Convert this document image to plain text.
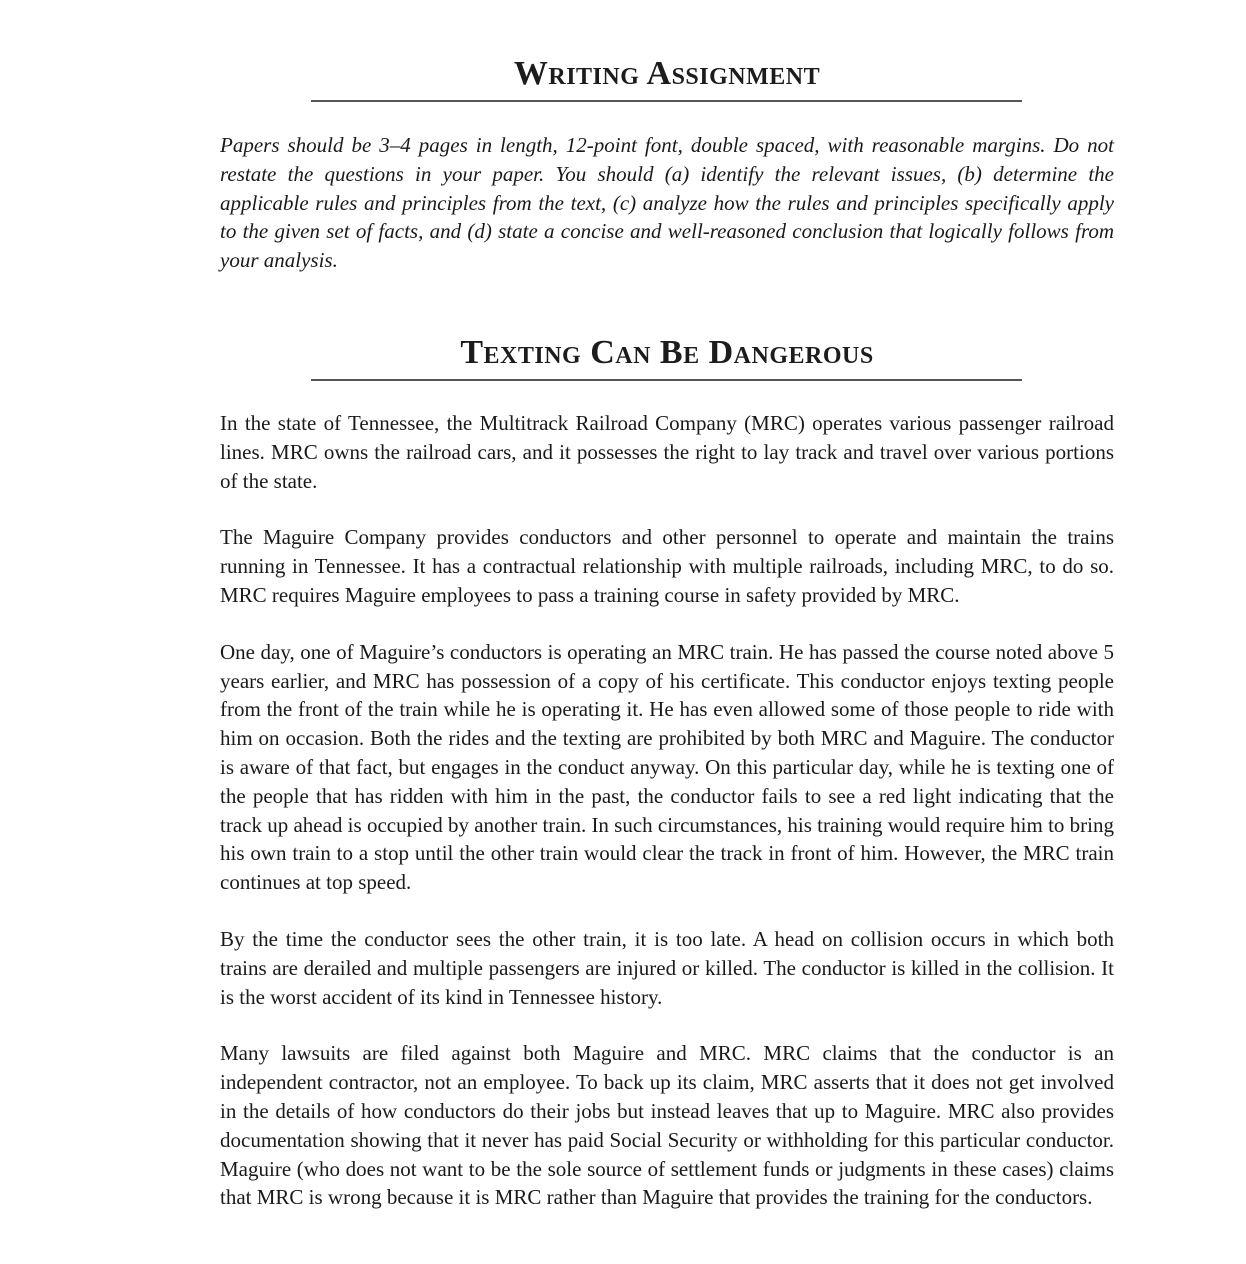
Writing Assignment

Papers should be 3–4 pages in length, 12-point font, double spaced, with reasonable margins. Do not restate the questions in your paper. You should (a) identify the relevant issues, (b) determine the applicable rules and principles from the text, (c) analyze how the rules and principles specifically apply to the given set of facts, and (d) state a concise and well-reasoned conclusion that logically follows from your analysis.

Texting Can Be Dangerous

In the state of Tennessee, the Multitrack Railroad Company (MRC) operates various passenger railroad lines. MRC owns the railroad cars, and it possesses the right to lay track and travel over various portions of the state.

The Maguire Company provides conductors and other personnel to operate and maintain the trains running in Tennessee. It has a contractual relationship with multiple railroads, including MRC, to do so. MRC requires Maguire employees to pass a training course in safety provided by MRC.

One day, one of Maguire’s conductors is operating an MRC train. He has passed the course noted above 5 years earlier, and MRC has possession of a copy of his certificate. This conductor enjoys texting people from the front of the train while he is operating it. He has even allowed some of those people to ride with him on occasion. Both the rides and the texting are prohibited by both MRC and Maguire. The conductor is aware of that fact, but engages in the conduct anyway. On this particular day, while he is texting one of the people that has ridden with him in the past, the conductor fails to see a red light indicating that the track up ahead is occupied by another train. In such circumstances, his training would require him to bring his own train to a stop until the other train would clear the track in front of him. However, the MRC train continues at top speed.

By the time the conductor sees the other train, it is too late. A head on collision occurs in which both trains are derailed and multiple passengers are injured or killed. The conductor is killed in the collision. It is the worst accident of its kind in Tennessee history.

Many lawsuits are filed against both Maguire and MRC. MRC claims that the conductor is an independent contractor, not an employee. To back up its claim, MRC asserts that it does not get involved in the details of how conductors do their jobs but instead leaves that up to Maguire. MRC also provides documentation showing that it never has paid Social Security or withholding for this particular conductor. Maguire (who does not want to be the sole source of settlement funds or judgments in these cases) claims that MRC is wrong because it is MRC rather than Maguire that provides the training for the conductors.
